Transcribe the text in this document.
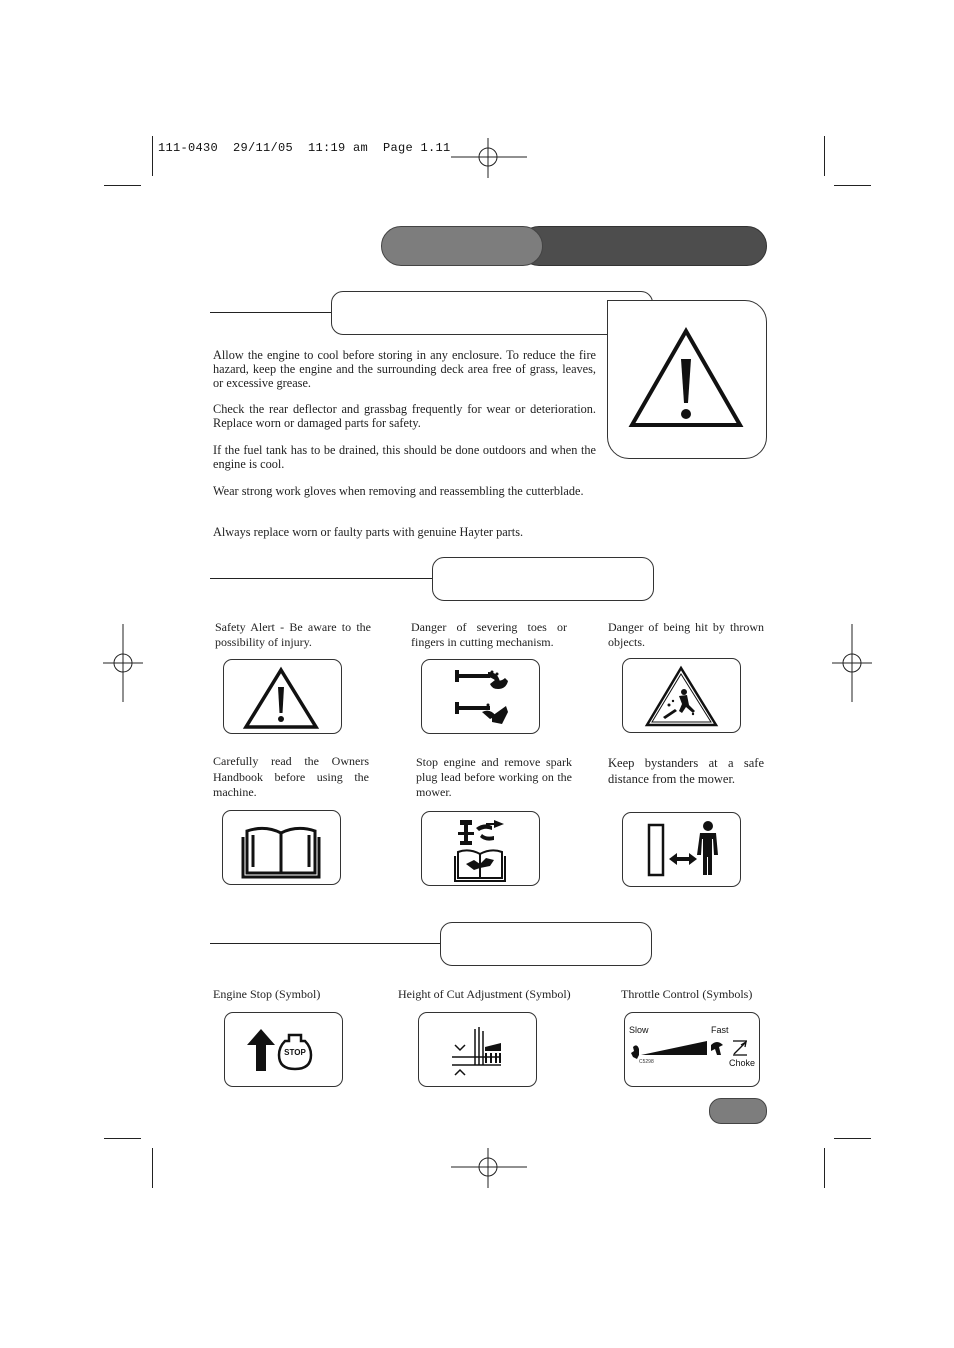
111-0430  29/11/05  11:19 am  Page 1.11

Allow the engine to cool before storing in any enclosure. To reduce the fire hazard, keep the engine and the surrounding deck area free of grass, leaves, or excessive grease.

Check the rear deflector and grassbag frequently for wear or deterioration. Replace worn or damaged parts for safety.

If the fuel tank has to be drained, this should be done outdoors and when the engine is cool.

Wear strong work gloves when removing and reassembling the cutterblade.

Always replace worn or faulty parts with genuine Hayter parts.

Safety Alert - Be aware to the possibility of injury.
Danger of severing toes or fingers in cutting mechanism.
Danger of being hit by thrown objects.
Carefully read the Owners Handbook before using the machine.
Stop engine and remove spark plug lead before working on the mower.
Keep bystanders at a safe distance from the mower.
Engine Stop (Symbol)	Height of Cut Adjustment (Symbol)	Throttle Control (Symbols)
STOP
Slow	Fast
Choke
C5298
